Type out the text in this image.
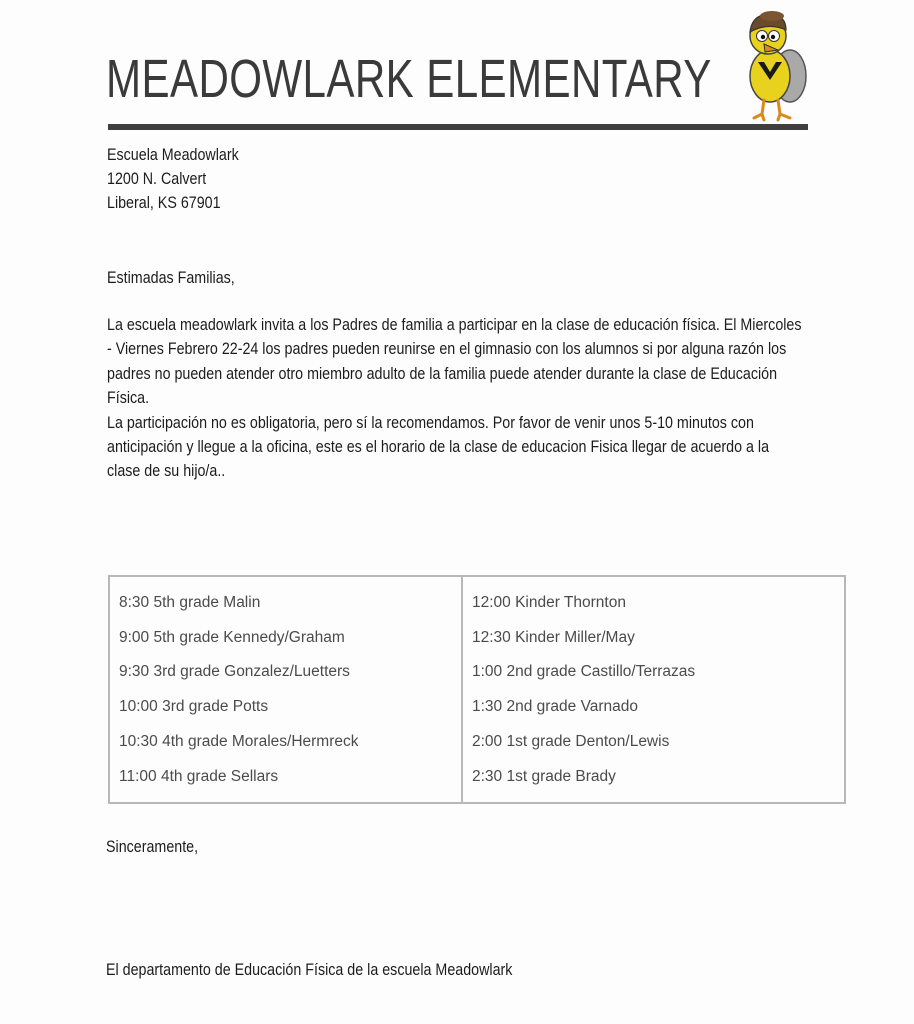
MEADOWLARK ELEMENTARY
Escuela Meadowlark
1200 N. Calvert
Liberal, KS 67901
Estimadas Familias,

La escuela meadowlark invita a los Padres de familia a participar en la clase de educación física. El Miercoles - Viernes Febrero 22-24 los padres pueden reunirse en el gimnasio con los alumnos si por alguna razón los padres no pueden atender otro miembro adulto de la familia puede atender durante la clase de Educación Física.

La participación no es obligatoria, pero sí la recomendamos. Por favor de venir unos 5-10 minutos con anticipación y llegue a la oficina, este es el horario de la clase de educacion Fisica llegar de acuerdo a la clase de su hijo/a..

8:30 5th grade Malin
9:00 5th grade Kennedy/Graham
9:30 3rd grade Gonzalez/Luetters
10:00 3rd grade Potts
10:30 4th grade Morales/Hermreck
11:00 4th grade Sellars
12:00 Kinder Thornton
12:30 Kinder Miller/May
1:00 2nd grade Castillo/Terrazas
1:30 2nd grade Varnado
2:00 1st grade Denton/Lewis
2:30 1st grade Brady
Sinceramente,
El departamento de Educación Física de la escuela Meadowlark
